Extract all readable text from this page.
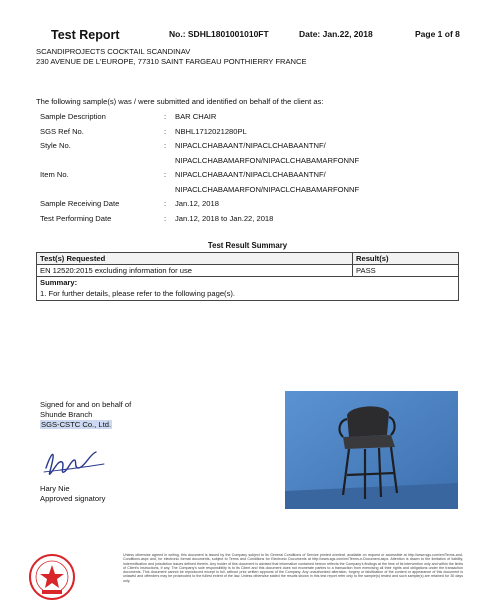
Test Report	No.: SDHL1801001010FT	Date: Jan.22, 2018	Page 1 of 8
SCANDIPROJECTS COCKTAIL SCANDINAV
230 AVENUE DE L'EUROPE, 77310 SAINT FARGEAU PONTHIERRY FRANCE
The following sample(s) was / were submitted and identified on behalf of the client as:
Sample Description	: BAR CHAIR
SGS Ref No.	: NBHL1712021280PL
Style No.	: NIPACLCHABAANT/NIPACLCHABAANTNF/
NIPACLCHABAMARFON/NIPACLCHABAMARFONNF
Item No.	: NIPACLCHABAANT/NIPACLCHABAANTNF/
NIPACLCHABAMARFON/NIPACLCHABAMARFONNF
Sample Receiving Date	: Jan.12, 2018
Test Performing Date	: Jan.12, 2018 to Jan.22, 2018
Test Result Summary
Test(s) Requested	Result(s)
EN 12520:2015 excluding information for use	PASS
Summary:
1. For further details, please refer to the following page(s).
Signed for and on behalf of
Shunde Branch
SGS-CSTC Co., Ltd.
Hary Nie
Approved signatory
Unless otherwise agreed in writing, this document is issued by the Company subject to its General Conditions of Service printed overleaf, available on request or accessible at http://www.sgs.com/en/Terms-and-Conditions.aspx and, for electronic format documents, subject to Terms and Conditions for Electronic Documents at http://www.sgs.com/en/Terms-e-Document.aspx. Attention is drawn to the limitation of liability, indemnification and jurisdiction issues defined therein. Any holder of this document is advised that information contained hereon reflects the Company's findings at the time of its intervention only and within the limits of Client's instructions, if any. The Company's sole responsibility is to its Client and this document does not exonerate parties to a transaction from exercising all their rights and obligations under the transaction documents. This document cannot be reproduced except in full, without prior written approval of the Company. Any unauthorized alteration, forgery or falsification of the content or appearance of this document is unlawful and offenders may be prosecuted to the fullest extent of the law. Unless otherwise stated the results shown in this test report refer only to the sample(s) tested and such sample(s) are retained for 30 days only.
